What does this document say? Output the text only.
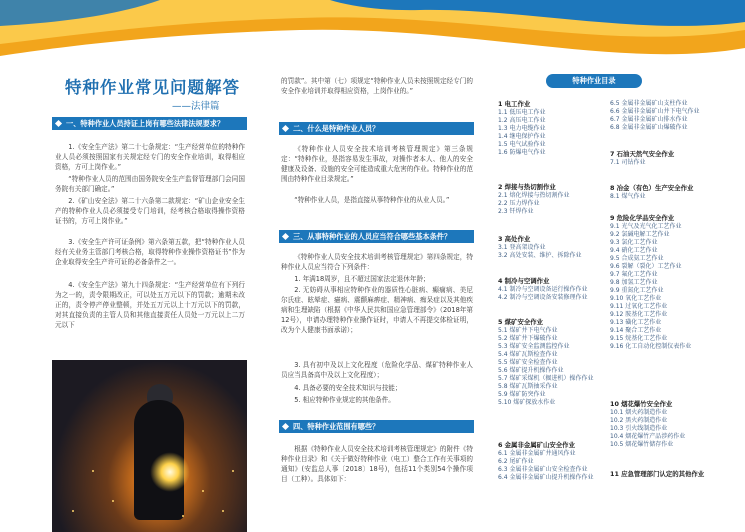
特种作业常见问题解答
——法律篇
一、特种作业人员持证上岗有哪些法律法规要求？
1.《安全生产法》第二十七条规定：“生产经营单位的特种作业人员必须按照国家有关规定经专门的安全作业培训，取得相应资格，方可上岗作业。”
“特种作业人员的范围由国务院安全生产监督管理部门会同国务院有关部门确定。”
2.《矿山安全法》第二十六条第二款规定：“矿山企业安全生产的特种作业人员必须接受专门培训，经考核合格取得操作资格证书的，方可上岗作业。”
3.《安全生产许可证条例》第六条第五款，把“特种作业人员经有关业务主管部门考核合格，取得特种作业操作资格证书”作为企业取得安全生产许可证的必备条件之一。
4.《安全生产法》第九十四条规定：“生产经营单位有下列行为之一的，责令限期改正，可以处五万元以下的罚款；逾期未改正的，责令停产停业整顿，并处五万元以上十万元以下的罚款，对其直接负责的主管人员和其他直接责任人员处一万元以上二万元以下
的罚款”。其中第（七）项规定“特种作业人员未按照规定经专门的安全作业培训并取得相应资格，上岗作业的。”
二、什么是特种作业人员？
《特种作业人员安全技术培训考核管理规定》第三条规定：“特种作业，是指容易发生事故，对操作者本人、他人的安全健康及设备、设施的安全可能造成重大危害的作业。特种作业的范围由特种作业目录规定。”
“特种作业人员，是指直接从事特种作业的从业人员。”
三、从事特种作业的人员应当符合哪些基本条件？
《特种作业人员安全技术培训考核管理规定》第四条规定，特种作业人员应当符合下列条件：
1. 年满18周岁，且不超过国家法定退休年龄；
2. 无妨碍从事相应特种作业的器质性心脏病、癫痫病、美尼尔氏症、眩晕症、癔病、震颤麻痹症、精神病、痴呆症以及其他疾病和生理缺陷（根据《中华人民共和国应急管理部令》（2018年第12号），申请办理特种作业操作证时，申请人不再提交体检证明，改为个人健康书面承诺）；
3. 具有初中及以上文化程度（危险化学品、煤矿特种作业人员应当具备高中及以上文化程度）；
4. 具备必要的安全技术知识与技能；
5. 相应特种作业规定的其他条件。
四、特种作业范围有哪些？
根据《特种作业人员安全技术培训考核管理规定》的附件《特种作业目录》和《关于做好特种作业（电工）整合工作有关事项的通知》(安监总人事〔2018〕18号)，包括11个类别54个操作项目（工种）。具体如下：
特种作业目录
1 电工作业
1.1 低压电工作业
1.2 高压电工作业
1.3 电力电缆作业
1.4 继电保护作业
1.5 电气试验作业
1.6 防爆电气作业
2 焊接与热切割作业
2.1 熔化焊接与热切割作业
2.2 压力焊作业
2.3 钎焊作业
3 高处作业
3.1 登高架设作业
3.2 高处安装、维护、拆除作业
4 制冷与空调作业
4.1 制冷与空调设备运行操作作业
4.2 制冷与空调设备安装修理作业
5 煤矿安全作业
5.1 煤矿井下电气作业
5.2 煤矿井下爆破作业
5.3 煤矿安全监测监控作业
5.4 煤矿瓦斯检查作业
5.5 煤矿安全检查作业
5.6 煤矿提升机操作作业
5.7 煤矿采煤机（掘进机）操作作业
5.8 煤矿瓦斯抽采作业
5.9 煤矿防突作业
5.10 煤矿探放水作业
6 金属非金属矿山安全作业
6.1 金属非金属矿井通风作业
6.2 尾矿作业
6.3 金属非金属矿山安全检查作业
6.4 金属非金属矿山提升机操作作业
6.5 金属非金属矿山支柱作业
6.6 金属非金属矿山井下电气作业
6.7 金属非金属矿山排水作业
6.8 金属非金属矿山爆破作业
7 石油天然气安全作业
7.1 司钻作业
8 冶金（有色）生产安全作业
8.1 煤气作业
9 危险化学品安全作业
9.1 光气及光气化工艺作业
9.2 氯碱电解工艺作业
9.3 氯化工艺作业
9.4 硝化工艺作业
9.5 合成氨工艺作业
9.6 裂解（裂化）工艺作业
9.7 氟化工艺作业
9.8 加氢工艺作业
9.9 重氮化工艺作业
9.10 氧化工艺作业
9.11 过氧化工艺作业
9.12 胺基化工艺作业
9.13 磺化工艺作业
9.14 聚合工艺作业
9.15 烷基化工艺作业
9.16 化工自动化控制仪表作业
10 烟花爆竹安全作业
10.1 烟火药制造作业
10.2 黑火药制造作业
10.3 引火线制造作业
10.4 烟花爆竹产品涉药作业
10.5 烟花爆竹储存作业
11 应急管理部门认定的其他作业
